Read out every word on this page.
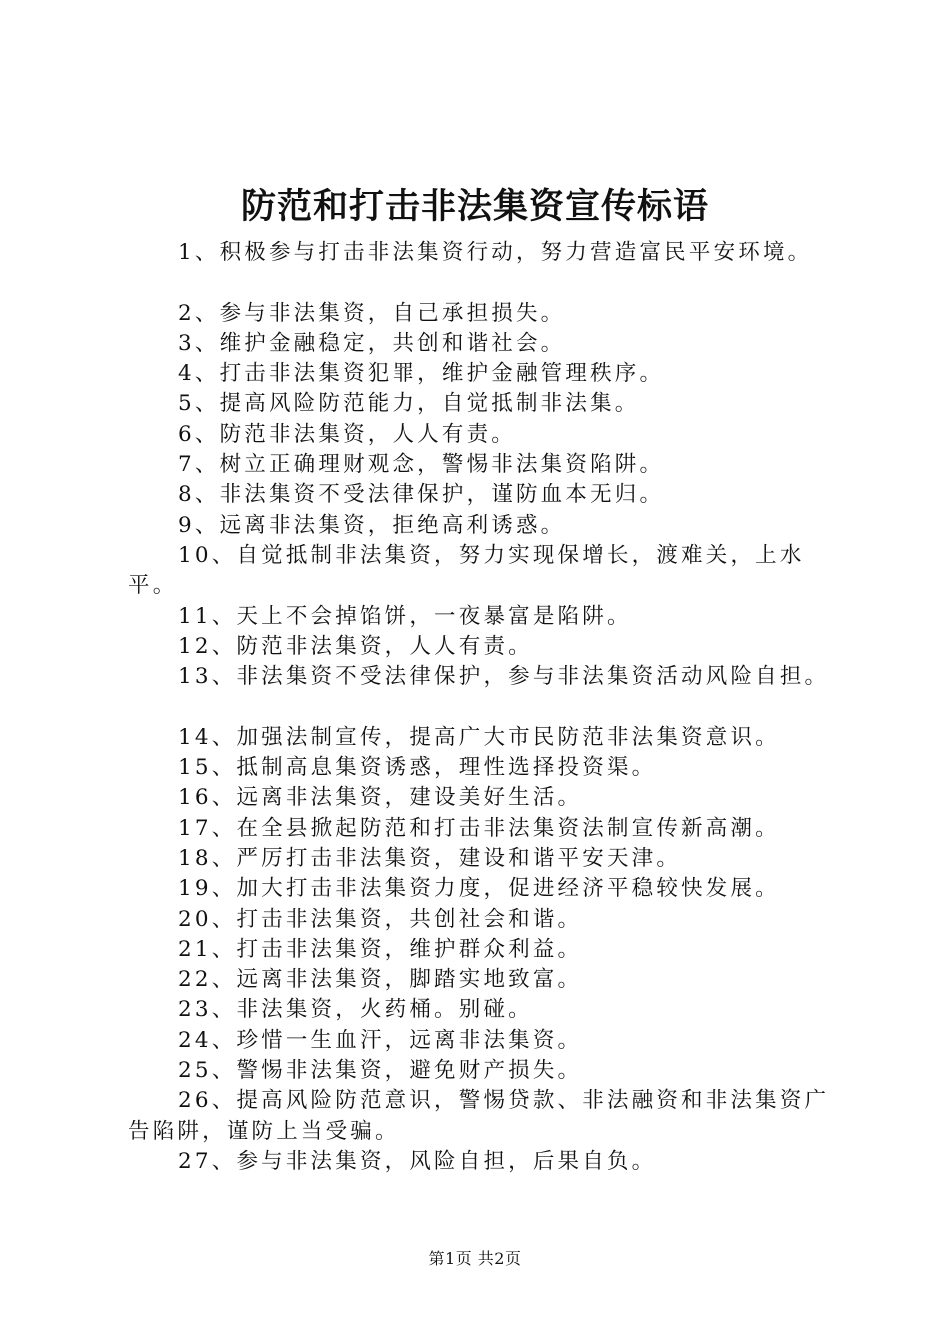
防范和打击非法集资宣传标语

1、积极参与打击非法集资行动，努力营造富民平安环境。

2、参与非法集资，自己承担损失。

3、维护金融稳定，共创和谐社会。

4、打击非法集资犯罪，维护金融管理秩序。

5、提高风险防范能力，自觉抵制非法集。

6、防范非法集资，人人有责。

7、树立正确理财观念，警惕非法集资陷阱。

8、非法集资不受法律保护，谨防血本无归。

9、远离非法集资，拒绝高利诱惑。

10、自觉抵制非法集资，努力实现保增长，渡难关，上水平。

11、天上不会掉馅饼，一夜暴富是陷阱。

12、防范非法集资，人人有责。

13、非法集资不受法律保护，参与非法集资活动风险自担。

14、加强法制宣传，提高广大市民防范非法集资意识。

15、抵制高息集资诱惑，理性选择投资渠。

16、远离非法集资，建设美好生活。

17、在全县掀起防范和打击非法集资法制宣传新高潮。

18、严厉打击非法集资，建设和谐平安天津。

19、加大打击非法集资力度，促进经济平稳较快发展。

20、打击非法集资，共创社会和谐。

21、打击非法集资，维护群众利益。

22、远离非法集资，脚踏实地致富。

23、非法集资，火药桶。别碰。

24、珍惜一生血汗，远离非法集资。

25、警惕非法集资，避免财产损失。

26、提高风险防范意识，警惕贷款、非法融资和非法集资广告陷阱，谨防上当受骗。

27、参与非法集资，风险自担，后果自负。

第1页 共2页
